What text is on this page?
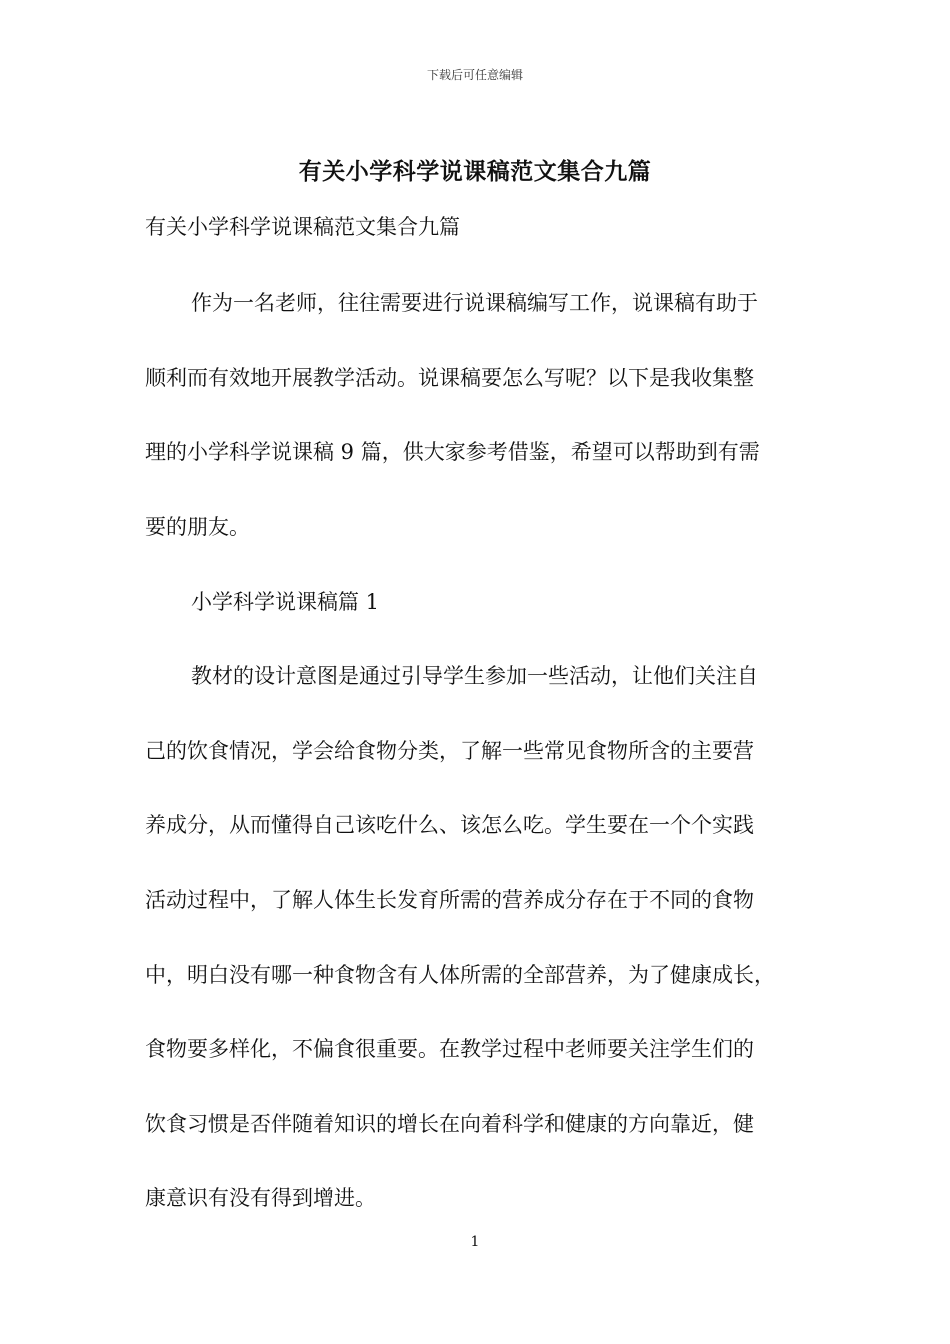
下载后可任意编辑
有关小学科学说课稿范文集合九篇
有关小学科学说课稿范文集合九篇
作为一名老师，往往需要进行说课稿编写工作，说课稿有助于
顺利而有效地开展教学活动。说课稿要怎么写呢？以下是我收集整
理的小学科学说课稿 9 篇，供大家参考借鉴，希望可以帮助到有需
要的朋友。
小学科学说课稿篇 1
教材的设计意图是通过引导学生参加一些活动，让他们关注自
己的饮食情况，学会给食物分类，了解一些常见食物所含的主要营
养成分，从而懂得自己该吃什么、该怎么吃。学生要在一个个实践
活动过程中，了解人体生长发育所需的营养成分存在于不同的食物
中，明白没有哪一种食物含有人体所需的全部营养，为了健康成长，
食物要多样化，不偏食很重要。在教学过程中老师要关注学生们的
饮食习惯是否伴随着知识的增长在向着科学和健康的方向靠近，健
康意识有没有得到增进。
1
